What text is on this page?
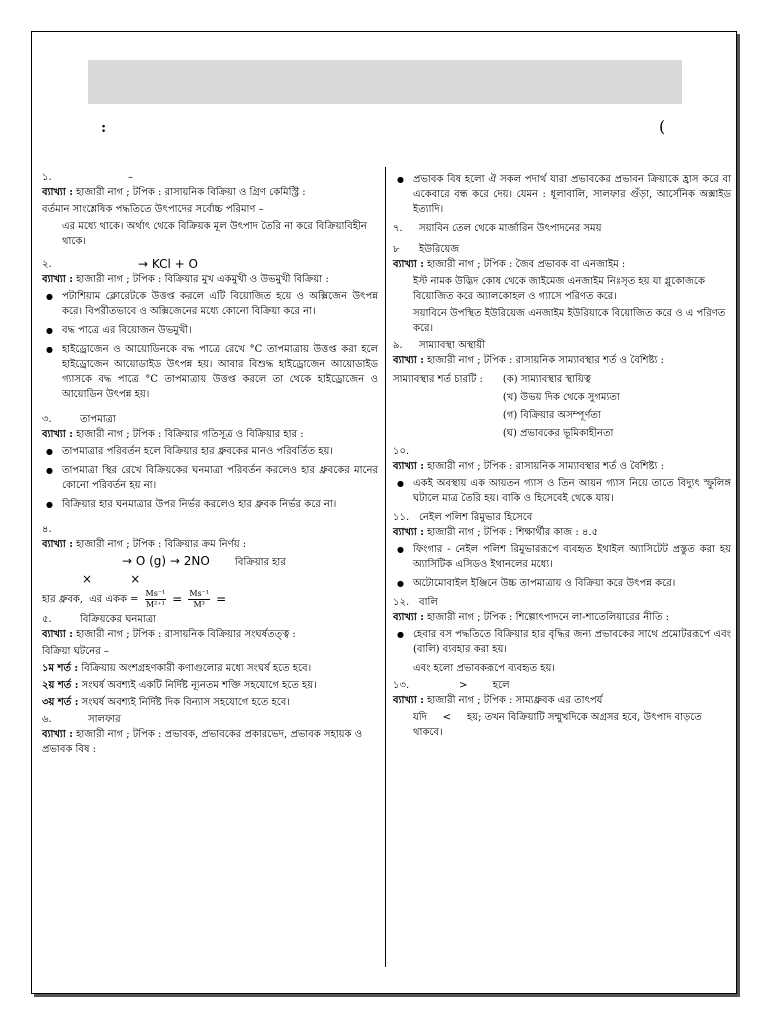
:	(
১.	–
ব্যাখ্যা : হাজারী নাগ ; টপিক : রাসায়নিক বিক্রিয়া ও গ্রিণ কেমিস্ট্রি :
বর্তমান সাংশ্লেষিক পদ্ধতিতে উৎপাদের সর্বোচ্চ পরিমাণ –
এর মধ্যে থাকে। অর্থাৎ থেকে বিক্রিয়ক মূল উৎপাদ তৈরি না করে বিক্রিয়াবিহীন থাকে।
২.	→ KCl + O
ব্যাখ্যা : হাজারী নাগ ; টপিক : বিক্রিয়ার মুখ একমুখী ও উভমুখী বিক্রিয়া :
● পটাশিয়াম ক্লোরেটকে উত্তপ্ত করলে এটি বিয়োজিত হয়ে ও অক্সিজেন উৎপন্ন করে। বিপরীতভাবে ও অক্সিজেনের মধ্যে কোনো বিক্রিয়া করে না।
● বদ্ধ পাত্রে এর বিয়োজন উভমুখী।
● হাইড্রোজেন ও আয়োডিনকে বদ্ধ পাত্রে রেখে °C তাপমাত্রায় উত্তপ্ত করা হলে হাইড্রোজেন আয়োডাইড উৎপন্ন হয়। আবার বিশুদ্ধ হাইড্রোজেন আয়োডাইড গ্যাসকে বদ্ধ পাত্রে °C তাপমাত্রায় উত্তপ্ত করলে তা থেকে হাইড্রোজেন ও আয়োডিন উৎপন্ন হয়।
৩.	তাপমাত্রা
ব্যাখ্যা : হাজারী নাগ ; টপিক : বিক্রিয়ার গতিসূত্র ও বিক্রিয়ার হার :
● তাপমাত্রার পরিবর্তন হলে বিক্রিয়ার হার ধ্রুবকের মানও পরিবর্তিত হয়।
● তাপমাত্রা স্থির রেখে বিক্রিয়কের ঘনমাত্রা পরিবর্তন করলেও হার ধ্রুবকের মানের কোনো পরিবর্তন হয় না।
● বিক্রিয়ার হার ঘনমাত্রার উপর নির্ভর করলেও হার ধ্রুবক নির্ভর করে না।
৪.
ব্যাখ্যা : হাজারী নাগ ; টপিক : বিক্রিয়ার ক্রম নির্ণয় :
→ O (g) → 2NO	বিক্রিয়ার হার
×          ×
হার ধ্রুবক, এর একক = $\frac{\text{Ms⁻¹}}{\text{M²⁺¹}} = \frac{\text{Ms⁻¹}}{\text{M³}}$ =
৫.	বিক্রিয়কের ঘনমাত্রা
ব্যাখ্যা : হাজারী নাগ ; টপিক : রাসায়নিক বিক্রিয়ার সংঘর্ষতত্ত্ব :
বিক্রিয়া ঘটনের –
১ম শর্ত : বিক্রিয়ায় অংশগ্রহণকারী কণাগুলোর মধ্যে সংঘর্ষ হতে হবে।
২য় শর্ত : সংঘর্ষ অবশ্যই একটি নির্দিষ্ট ন্যূনতম শক্তি সহযোগে হতে হয়।
৩য় শর্ত : সংঘর্ষ অবশ্যই নির্দিষ্ট দিক বিন্যাস সহযোগে হতে হবে।
৬.	সালফার
ব্যাখ্যা : হাজারী নাগ ; টপিক : প্রভাবক, প্রভাবকের প্রকারভেদ, প্রভাবক সহায়ক ও প্রভাবক বিষ :
● প্রভাবক বিষ হলো ঐ সকল পদার্থ যারা প্রভাবকের প্রভাবন ক্রিয়াকে হ্রাস করে বা একেবারে বন্ধ করে দেয়। যেমন : ধূলাবালি, সালফার গুঁড়া, আর্সেনিক অক্সাইড ইত্যাদি।
৭.	সয়াবিন তেল থেকে মার্জারিন উৎপাদনের সময়
৮	ইউরিয়েজ
ব্যাখ্যা : হাজারী নাগ ; টপিক : জৈব প্রভাবক বা এনজাইম :
ইস্ট নামক উদ্ভিদ কোষ থেকে জাইমেজ এনজাইম নিঃসৃত হয় যা গ্লুকোজকে বিয়োজিত করে অ্যালকোহল ও গ্যাসে পরিণত করে।
সয়াবিনে উপস্থিত ইউরিয়েজ এনজাইম ইউরিয়াকে বিয়োজিত করে ও এ পরিণত করে।
৯.	সাম্যাবস্থা অস্থায়ী
ব্যাখ্যা : হাজারী নাগ ; টপিক : রাসায়নিক সাম্যাবস্থার শর্ত ও বৈশিষ্ট্য :
সাম্যাবস্থার শর্ত চারটি : (ক) সাম্যাবস্থার স্থায়িত্ব
(খ) উভয় দিক থেকে সুগম্যতা
(গ) বিক্রিয়ার অসম্পূর্ণতা
(ঘ) প্রভাবকের ভূমিকাহীনতা
১০.
ব্যাখ্যা : হাজারী নাগ ; টপিক : রাসায়নিক সাম্যাবস্থার শর্ত ও বৈশিষ্ট্য :
● একই অবস্থায় এক আয়তন গ্যাস ও তিন আয়ন গ্যাস নিয়ে তাতে বিদ্যুৎ স্ফুলিঙ্গ ঘটালে মাত্র তৈরি হয়। বাকি ও হিসেবেই থেকে যায়।
১১. নেইল পলিশ রিমুভার হিসেবে
ব্যাখ্যা : হাজারী নাগ ; টপিক : শিক্ষার্থীর কাজ : ৪.৫
● ফিংগার - নেইল পলিশ রিমুভাররূপে ব্যবহৃত ইথাইল অ্যাসিটেট প্রস্তুত করা হয় অ্যাসিটিক এসিডও ইথানলের মধ্যে।
● অটোমোবাইল ইঞ্জিনে উচ্চ তাপমাত্রায় ও বিক্রিয়া করে উৎপন্ন করে।
১২. বালি
ব্যাখ্যা : হাজারী নাগ ; টপিক : শিল্পোৎপাদনে লা-শাতেলিয়ারের নীতি :
● হেবার বস পদ্ধতিতে বিক্রিয়ার হার বৃদ্ধির জন্য প্রভাবকের সাথে প্রমোটররূপে এবং (বালি) ব্যবহার করা হয়।
এবং হলো প্রভাবকরূপে ব্যবহৃত হয়।
১৩.	>        হলে
ব্যাখ্যা : হাজারী নাগ ; টপিক : সাম্যধ্রুবক এর তাৎপর্য
যদি     <     হয়; তখন বিক্রিয়াটি সম্মুখদিকে অগ্রসর হবে, উৎপাদ বাড়তে থাকবে।
